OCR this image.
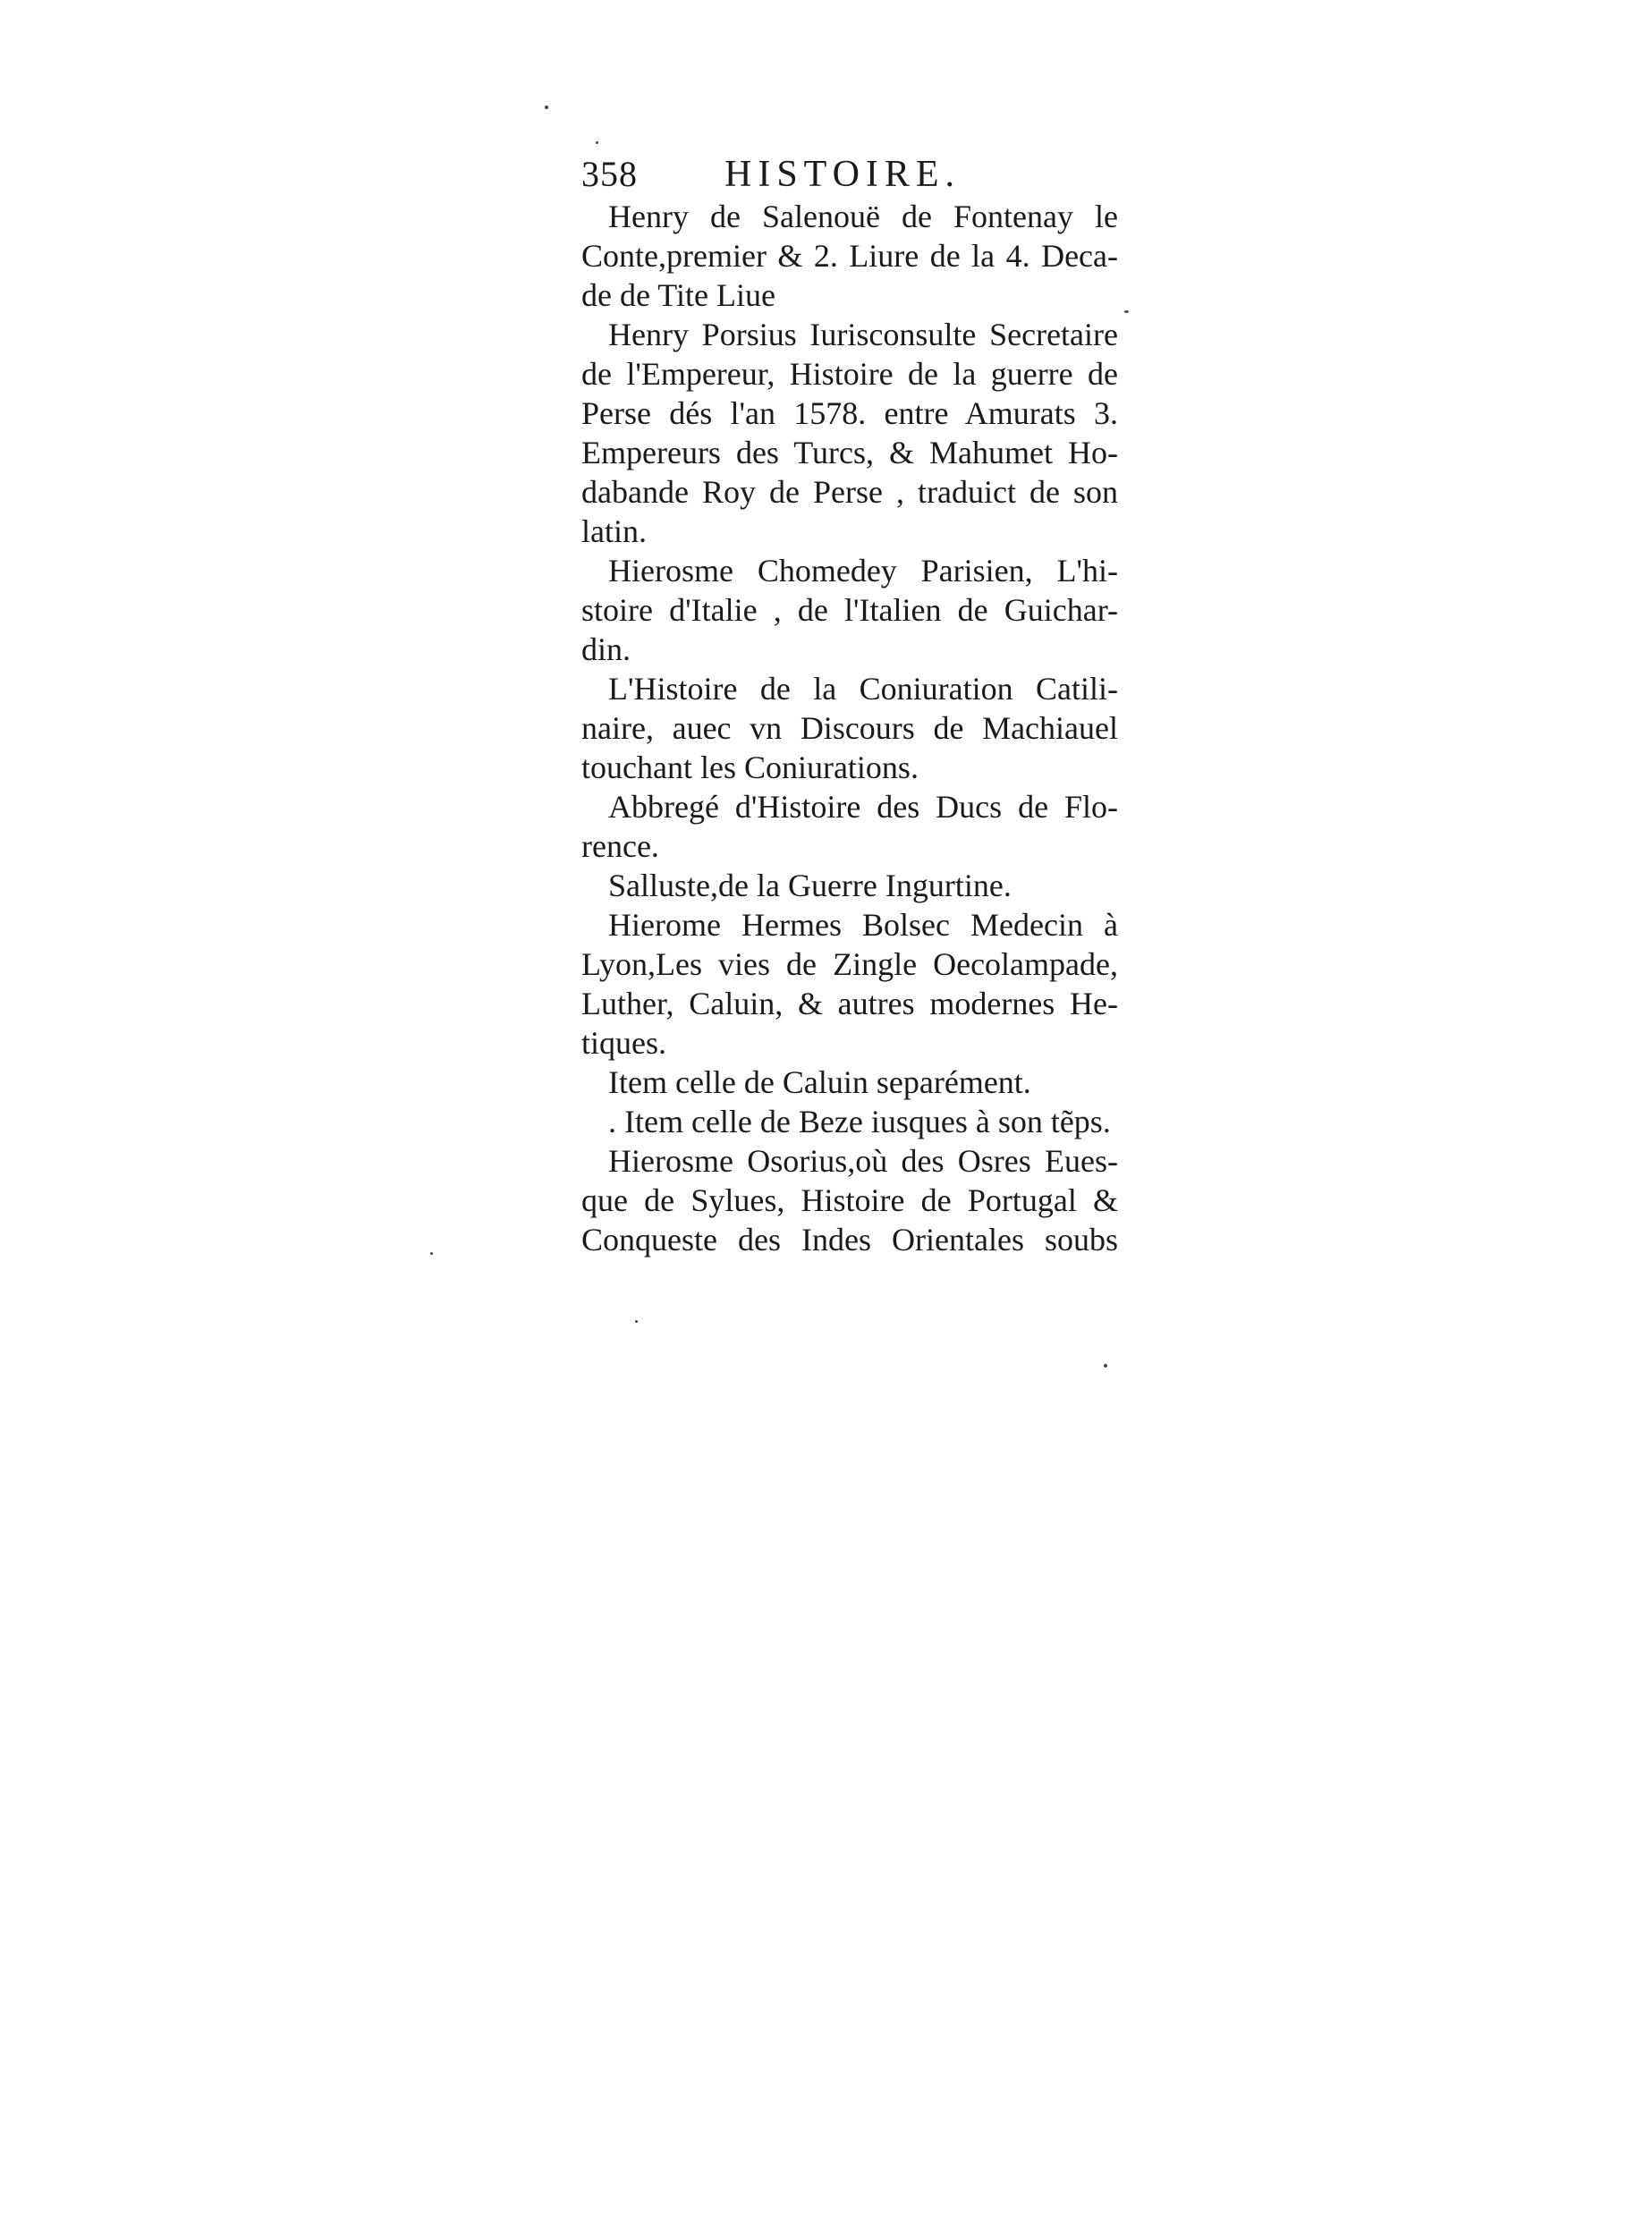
358 HISTOIRE.
Henry de Salenouë de Fontenay le
Conte,premier & 2. Liure de la 4. Deca-
de de Tite Liue
Henry Porsius Iurisconsulte Secretaire
de l'Empereur, Histoire de la guerre de
Perse dés l'an 1578. entre Amurats 3.
Empereurs des Turcs, & Mahumet Ho-
dabande Roy de Perse , traduict de son
latin.
Hierosme Chomedey Parisien, L'hi-
stoire d'Italie , de l'Italien de Guichar-
din.
L'Histoire de la Coniuration Catili-
naire, auec vn Discours de Machiauel
touchant les Coniurations.
Abbregé d'Histoire des Ducs de Flo-
rence.
Sallustе,de la Guerre Ingurtine.
Hierome Hermes Bolsec Medecin à
Lyon,Les vies de Zingle Oecolampade,
Luther, Caluin, & autres modernes He-
tiques.
Item celle de Caluin separément.
. Item celle de Beze iusques à son tẽps.
Hierosme Osorius,où des Osres Eues-
que de Sylues, Histoire de Portugal &
Conqueste des Indes Orientales soubs
